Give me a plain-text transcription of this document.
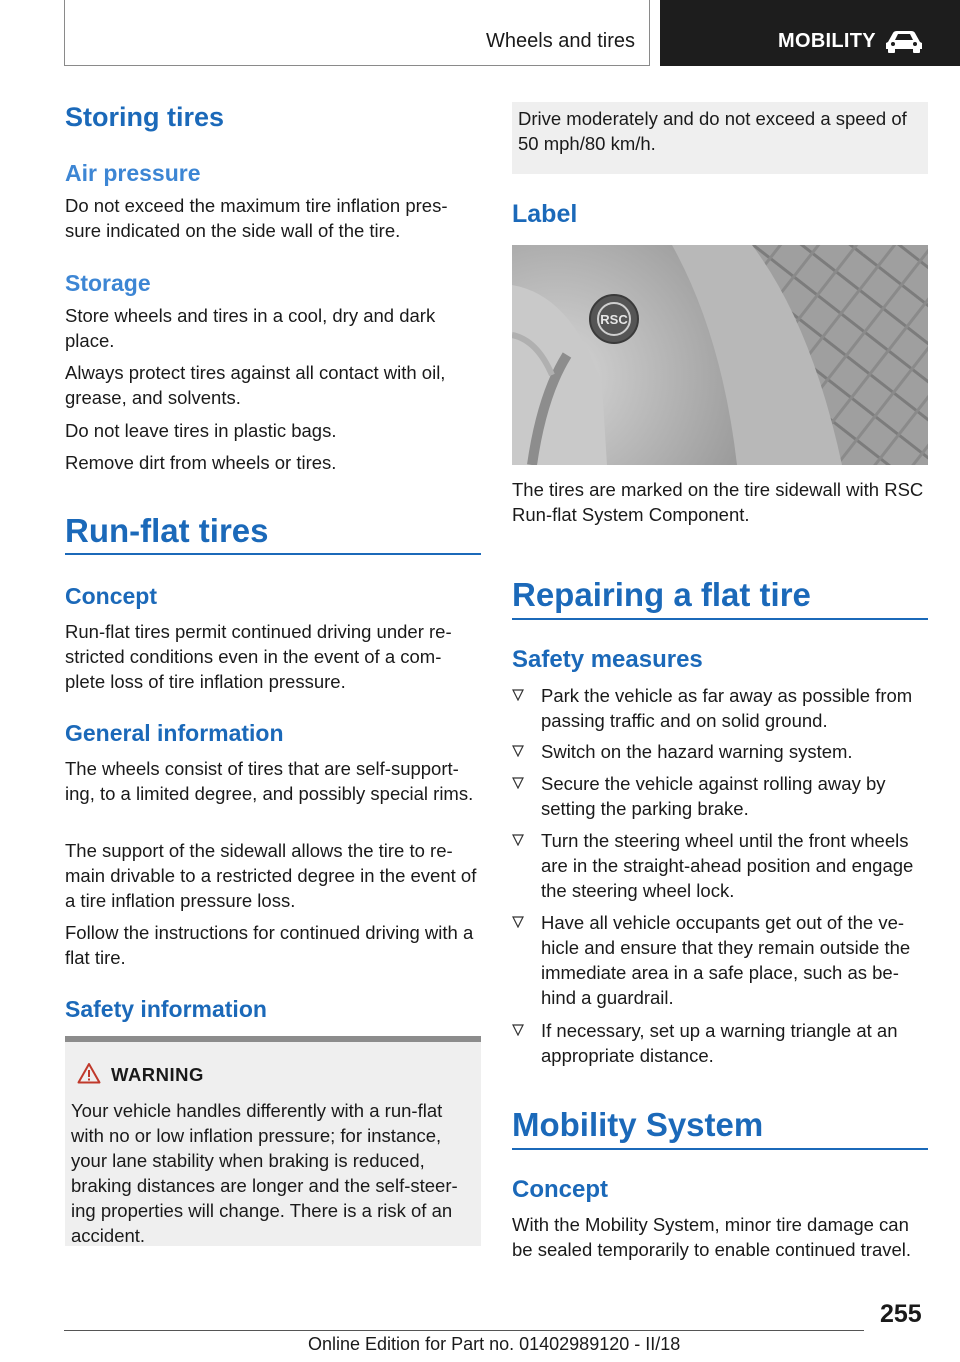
Wheels and tires	MOBILITY
Storing tires
Air pressure
Do not exceed the maximum tire inflation pres-sure indicated on the side wall of the tire.
Storage
Store wheels and tires in a cool, dry and dark place.
Always protect tires against all contact with oil, grease, and solvents.
Do not leave tires in plastic bags.
Remove dirt from wheels or tires.
Run-flat tires
Concept
Run-flat tires permit continued driving under re-stricted conditions even in the event of a com-plete loss of tire inflation pressure.
General information
The wheels consist of tires that are self-support-ing, to a limited degree, and possibly special rims.
The support of the sidewall allows the tire to re-main drivable to a restricted degree in the event of a tire inflation pressure loss.
Follow the instructions for continued driving with a flat tire.
Safety information
WARNING
Your vehicle handles differently with a run-flat with no or low inflation pressure; for instance, your lane stability when braking is reduced, braking distances are longer and the self-steer-ing properties will change. There is a risk of an accident.
Drive moderately and do not exceed a speed of 50 mph/80 km/h.
Label
RSC
The tires are marked on the tire sidewall with RSC Run-flat System Component.
Repairing a flat tire
Safety measures
Park the vehicle as far away as possible from passing traffic and on solid ground.
Switch on the hazard warning system.
Secure the vehicle against rolling away by setting the parking brake.
Turn the steering wheel until the front wheels are in the straight-ahead position and engage the steering wheel lock.
Have all vehicle occupants get out of the ve-hicle and ensure that they remain outside the immediate area in a safe place, such as be-hind a guardrail.
If necessary, set up a warning triangle at an appropriate distance.
Mobility System
Concept
With the Mobility System, minor tire damage can be sealed temporarily to enable continued travel.
255
Online Edition for Part no. 01402989120 - II/18
